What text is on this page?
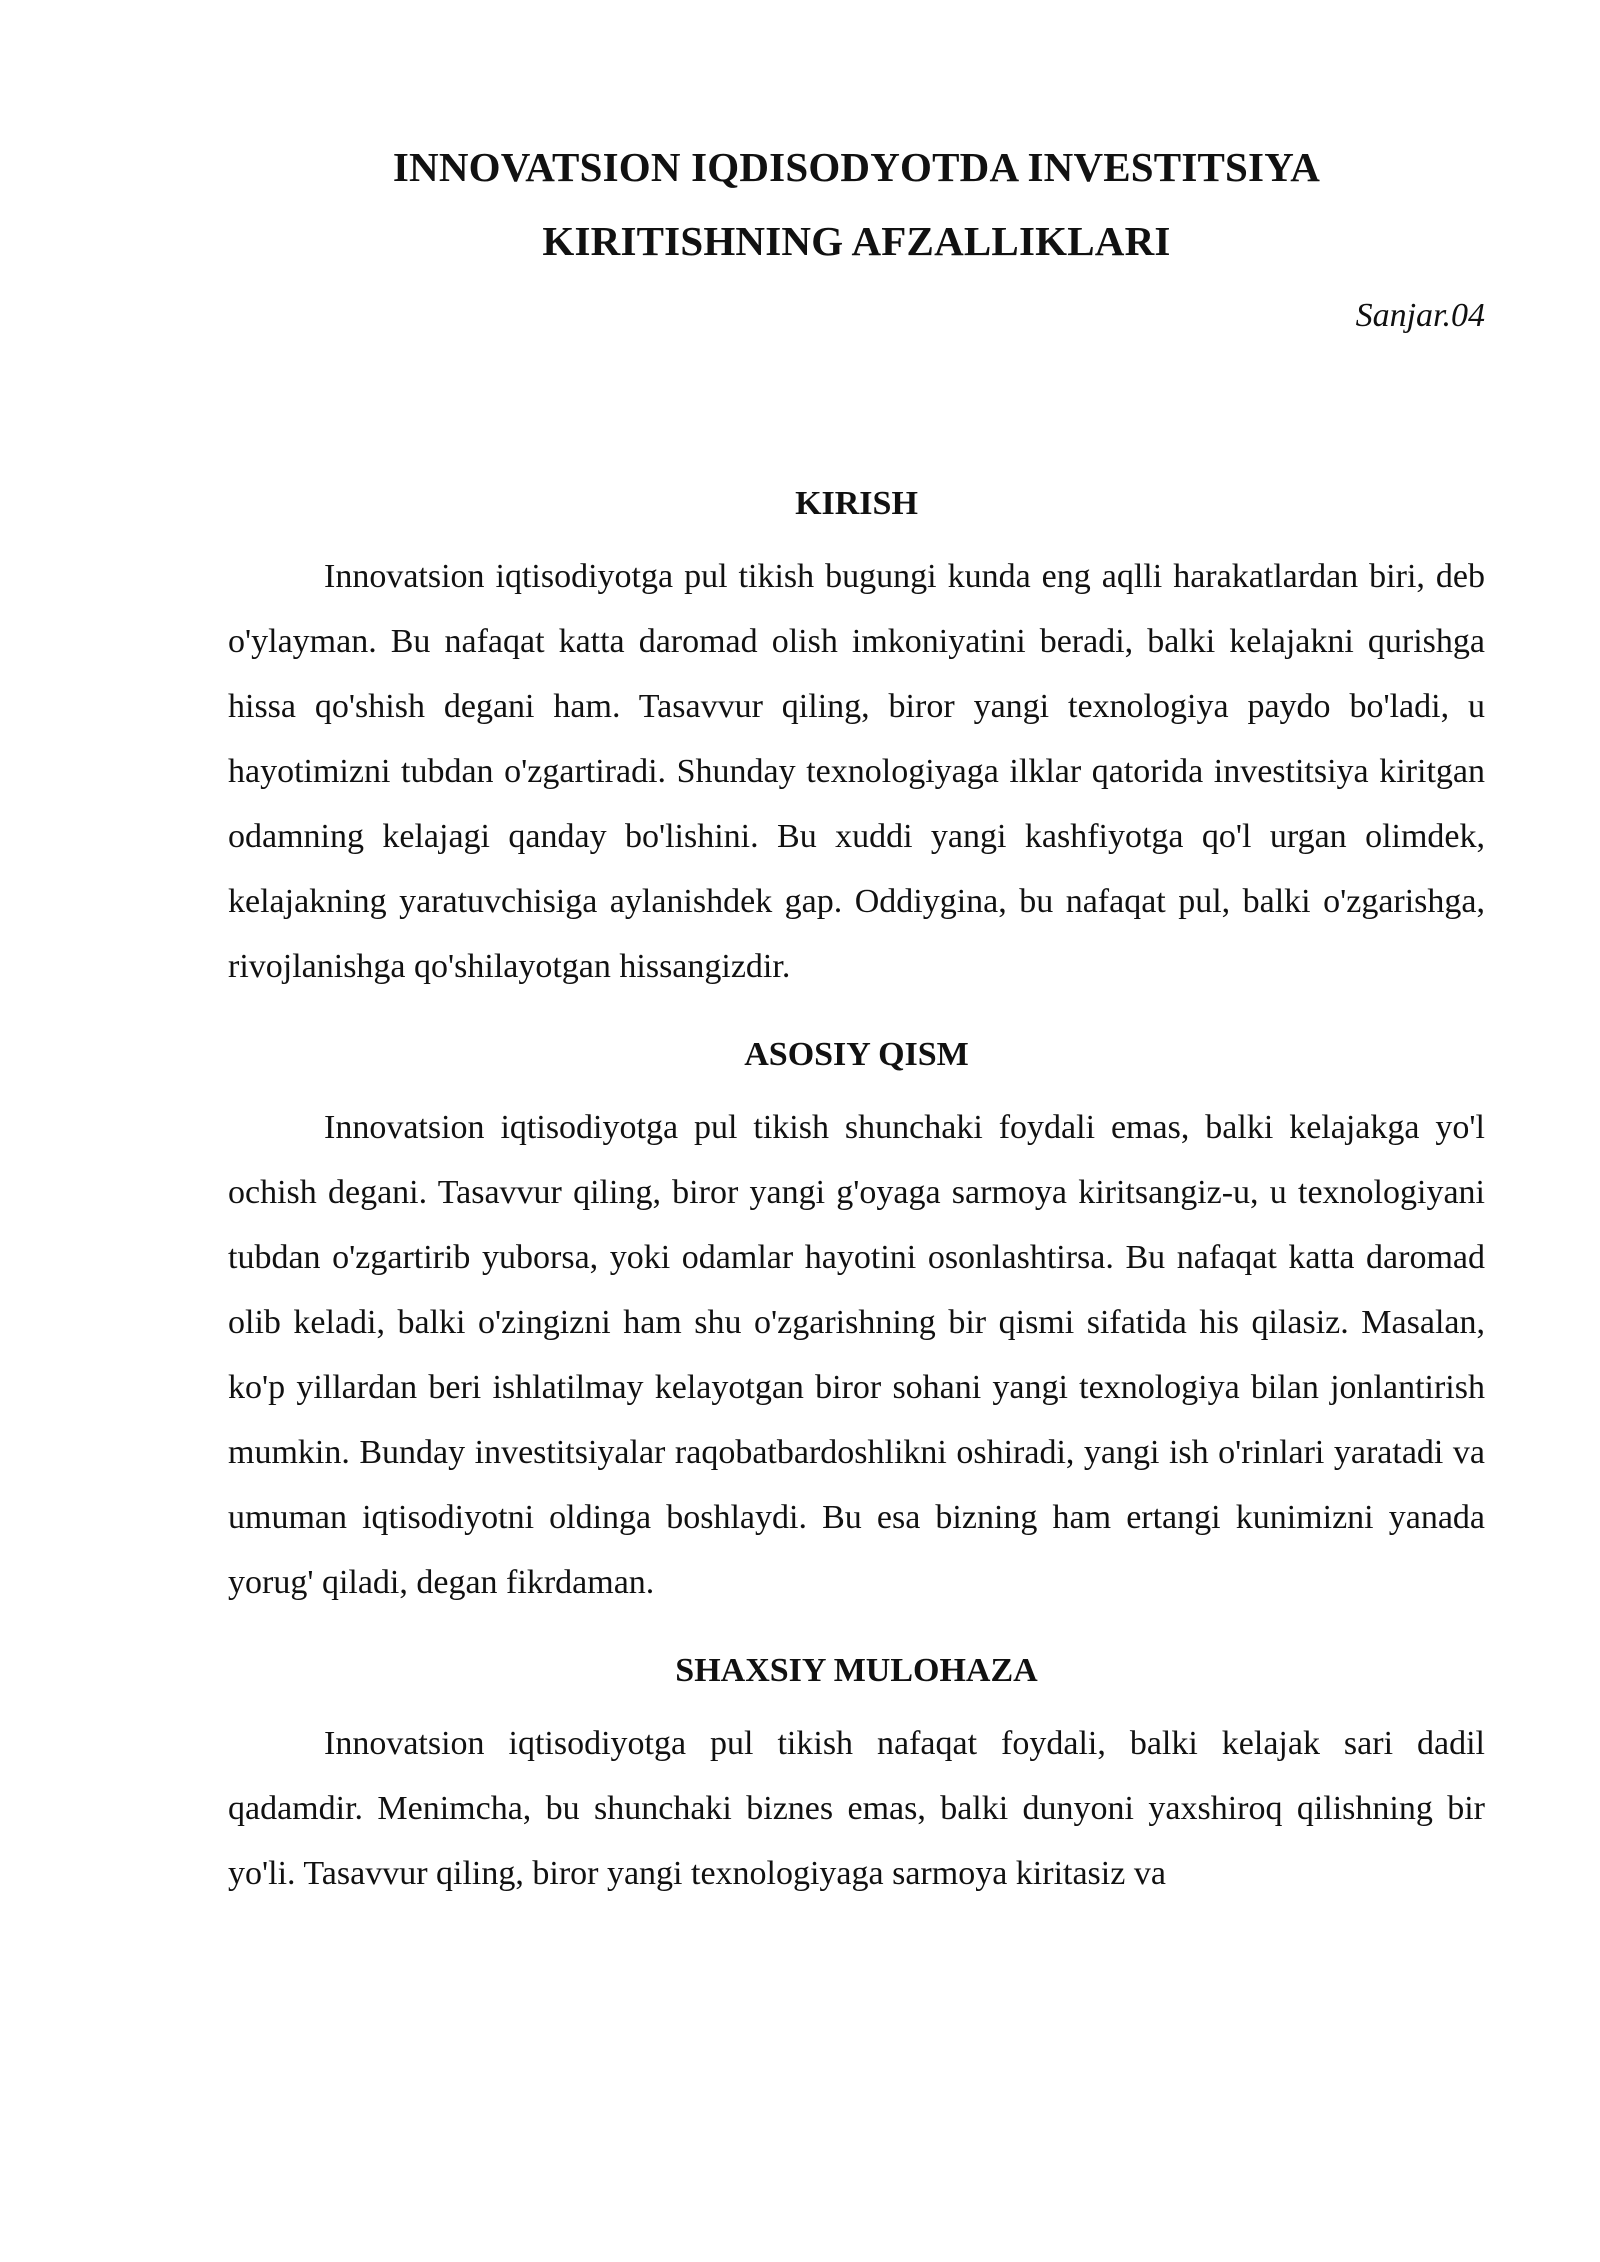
INNOVATSION IQDISODYOTDA INVESTITSIYA
KIRITISHNING AFZALLIKLARI
Sanjar.04
KIRISH

Innovatsion iqtisodiyotga pul tikish bugungi kunda eng aqlli harakatlardan biri, deb o'ylayman. Bu nafaqat katta daromad olish imkoniyatini beradi, balki kelajakni qurishga hissa qo'shish degani ham. Tasavvur qiling, biror yangi texnologiya paydo bo'ladi, u hayotimizni tubdan o'zgartiradi. Shunday texnologiyaga ilklar qatorida investitsiya kiritgan odamning kelajagi qanday bo'lishini. Bu xuddi yangi kashfiyotga qo'l urgan olimdek, kelajakning yaratuvchisiga aylanishdek gap. Oddiygina, bu nafaqat pul, balki o'zgarishga, rivojlanishga qo'shilayotgan hissangizdir.

ASOSIY QISM

Innovatsion iqtisodiyotga pul tikish shunchaki foydali emas, balki kelajakga yo'l ochish degani. Tasavvur qiling, biror yangi g'oyaga sarmoya kiritsangiz-u, u texnologiyani tubdan o'zgartirib yuborsa, yoki odamlar hayotini osonlashtirsa. Bu nafaqat katta daromad olib keladi, balki o'zingizni ham shu o'zgarishning bir qismi sifatida his qilasiz. Masalan, ko'p yillardan beri ishlatilmay kelayotgan biror sohani yangi texnologiya bilan jonlantirish mumkin. Bunday investitsiyalar raqobatbardoshlikni oshiradi, yangi ish o'rinlari yaratadi va umuman iqtisodiyotni oldinga boshlaydi. Bu esa bizning ham ertangi kunimizni yanada yorug' qiladi, degan fikrdaman.

SHAXSIY MULOHAZA

Innovatsion iqtisodiyotga pul tikish nafaqat foydali, balki kelajak sari dadil qadamdir. Menimcha, bu shunchaki biznes emas, balki dunyoni yaxshiroq qilishning bir yo'li. Tasavvur qiling, biror yangi texnologiyaga sarmoya kiritasiz va
